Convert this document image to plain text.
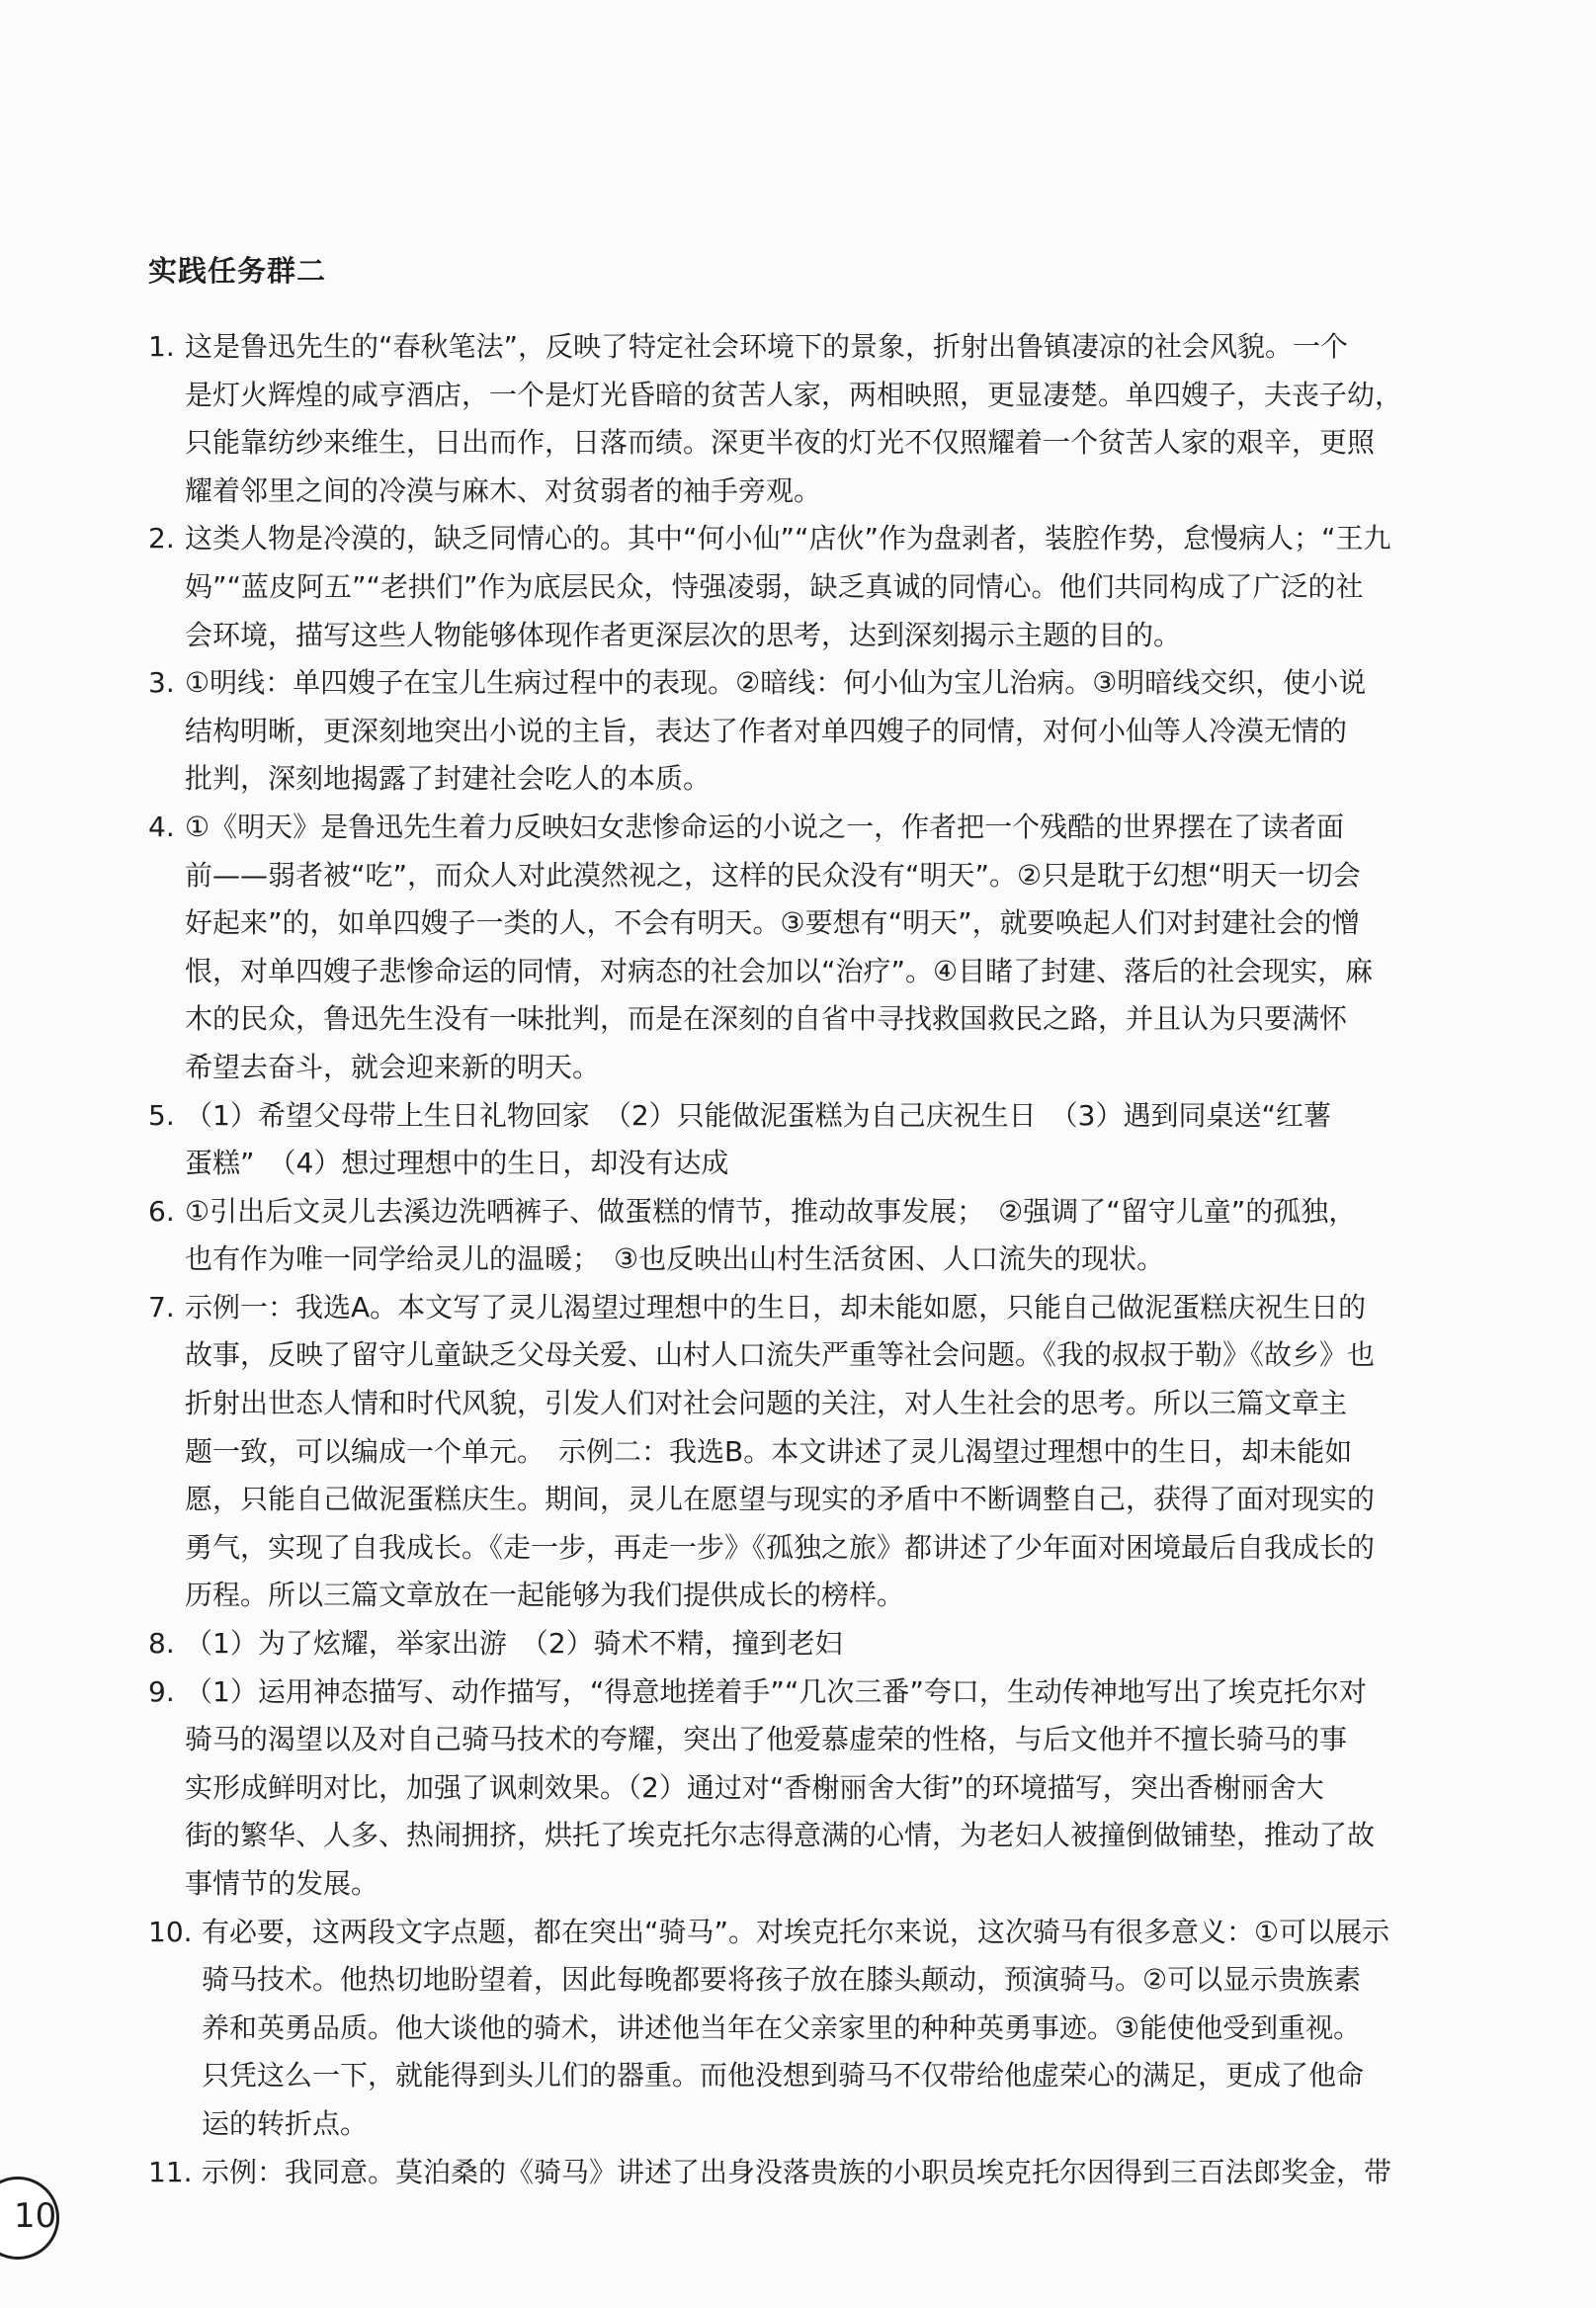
实践任务群二
1. 这是鲁迅先生的“春秋笔法”，反映了特定社会环境下的景象，折射出鲁镇凄凉的社会风貌。一个
是灯火辉煌的咸亨酒店，一个是灯光昏暗的贫苦人家，两相映照，更显凄楚。单四嫂子，夫丧子幼，
只能靠纺纱来维生，日出而作，日落而绩。深更半夜的灯光不仅照耀着一个贫苦人家的艰辛，更照
耀着邻里之间的冷漠与麻木、对贫弱者的袖手旁观。
2. 这类人物是冷漠的，缺乏同情心的。其中“何小仙”“店伙”作为盘剥者，装腔作势，怠慢病人；“王九
妈”“蓝皮阿五”“老拱们”作为底层民众，恃强凌弱，缺乏真诚的同情心。他们共同构成了广泛的社
会环境，描写这些人物能够体现作者更深层次的思考，达到深刻揭示主题的目的。
3. ①明线：单四嫂子在宝儿生病过程中的表现。②暗线：何小仙为宝儿治病。③明暗线交织，使小说
结构明晰，更深刻地突出小说的主旨，表达了作者对单四嫂子的同情，对何小仙等人冷漠无情的
批判，深刻地揭露了封建社会吃人的本质。
4. ①《明天》是鲁迅先生着力反映妇女悲惨命运的小说之一，作者把一个残酷的世界摆在了读者面
前——弱者被“吃”，而众人对此漠然视之，这样的民众没有“明天”。②只是耽于幻想“明天一切会
好起来”的，如单四嫂子一类的人，不会有明天。③要想有“明天”，就要唤起人们对封建社会的憎
恨，对单四嫂子悲惨命运的同情，对病态的社会加以“治疗”。④目睹了封建、落后的社会现实，麻
木的民众，鲁迅先生没有一味批判，而是在深刻的自省中寻找救国救民之路，并且认为只要满怀
希望去奋斗，就会迎来新的明天。
5. （1）希望父母带上生日礼物回家　（2）只能做泥蛋糕为自己庆祝生日　（3）遇到同桌送“红薯
蛋糕”　（4）想过理想中的生日，却没有达成
6. ①引出后文灵儿去溪边洗哂裤子、做蛋糕的情节，推动故事发展；　②强调了“留守儿童”的孤独，
也有作为唯一同学给灵儿的温暖；　③也反映出山村生活贫困、人口流失的现状。
7. 示例一：我选A。本文写了灵儿渴望过理想中的生日，却未能如愿，只能自己做泥蛋糕庆祝生日的
故事，反映了留守儿童缺乏父母关爱、山村人口流失严重等社会问题。《我的叔叔于勒》《故乡》也
折射出世态人情和时代风貌，引发人们对社会问题的关注，对人生社会的思考。所以三篇文章主
题一致，可以编成一个单元。　示例二：我选B。本文讲述了灵儿渴望过理想中的生日，却未能如
愿，只能自己做泥蛋糕庆生。期间，灵儿在愿望与现实的矛盾中不断调整自己，获得了面对现实的
勇气，实现了自我成长。《走一步，再走一步》《孤独之旅》都讲述了少年面对困境最后自我成长的
历程。所以三篇文章放在一起能够为我们提供成长的榜样。
8. （1）为了炫耀，举家出游　（2）骑术不精，撞到老妇
9. （1）运用神态描写、动作描写，“得意地搓着手”“几次三番”夸口，生动传神地写出了埃克托尔对
骑马的渴望以及对自己骑马技术的夸耀，突出了他爱慕虚荣的性格，与后文他并不擅长骑马的事
实形成鲜明对比，加强了讽刺效果。（2）通过对“香榭丽舍大街”的环境描写，突出香榭丽舍大
街的繁华、人多、热闹拥挤，烘托了埃克托尔志得意满的心情，为老妇人被撞倒做铺垫，推动了故
事情节的发展。
10. 有必要，这两段文字点题，都在突出“骑马”。对埃克托尔来说，这次骑马有很多意义：①可以展示
骑马技术。他热切地盼望着，因此每晚都要将孩子放在膝头颠动，预演骑马。②可以显示贵族素
养和英勇品质。他大谈他的骑术，讲述他当年在父亲家里的种种英勇事迹。③能使他受到重视。
只凭这么一下，就能得到头儿们的器重。而他没想到骑马不仅带给他虚荣心的满足，更成了他命
运的转折点。
11. 示例：我同意。莫泊桑的《骑马》讲述了出身没落贵族的小职员埃克托尔因得到三百法郎奖金，带
10
